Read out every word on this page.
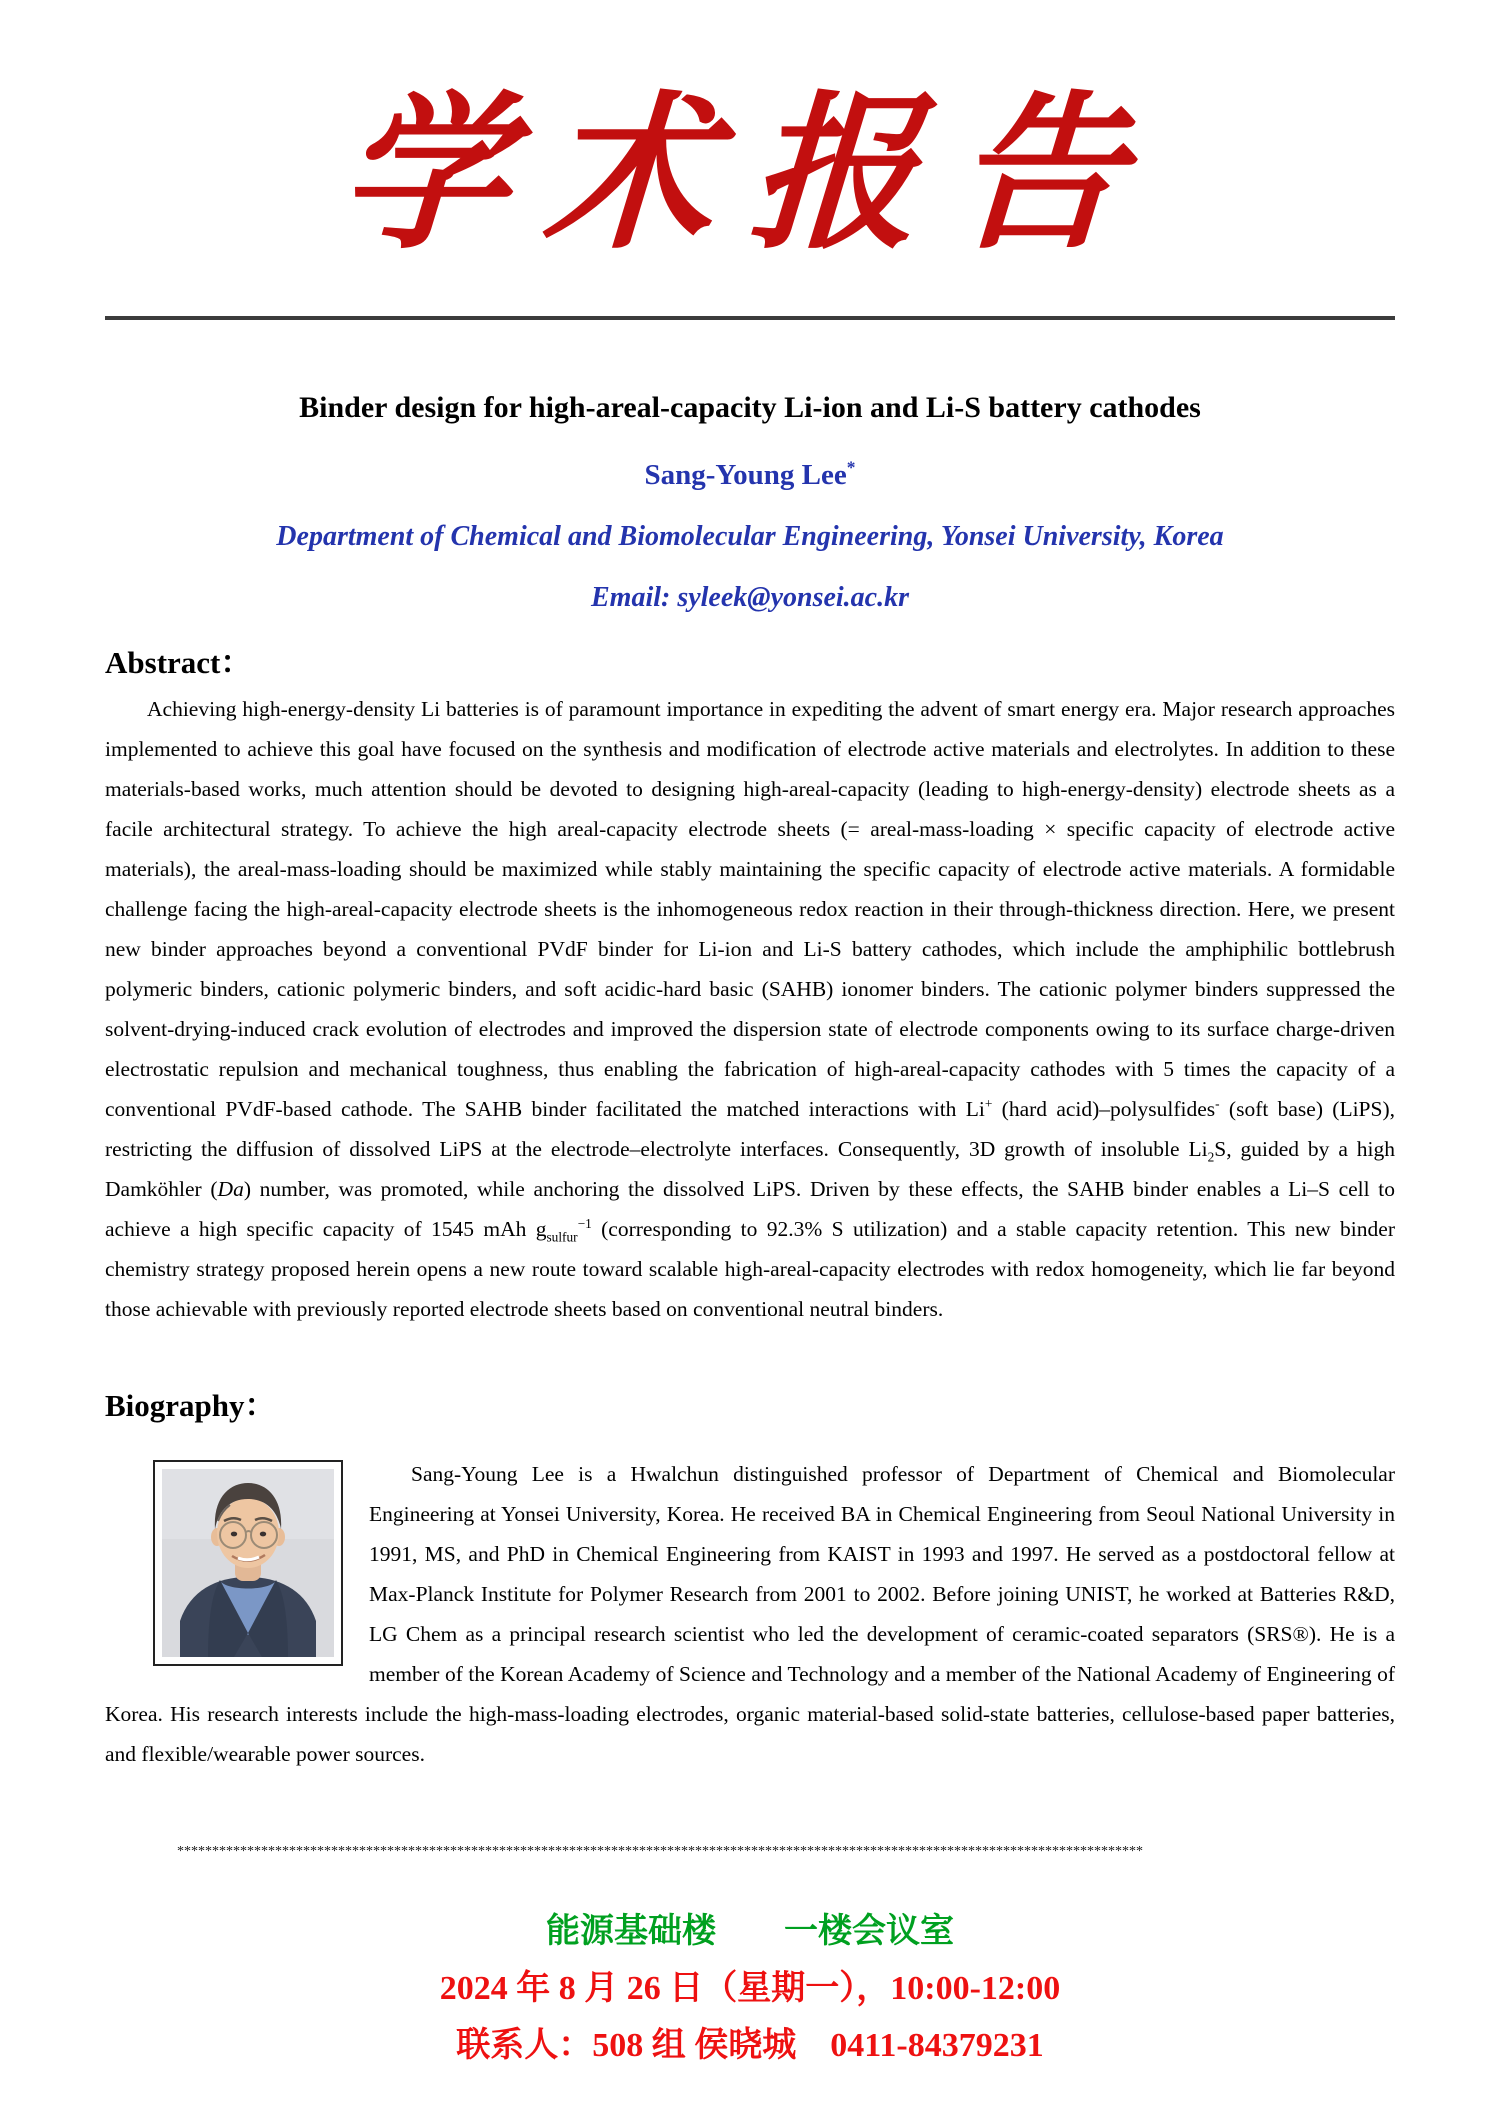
学术报告
Binder design for high-areal-capacity Li-ion and Li-S battery cathodes
Sang-Young Lee*
Department of Chemical and Biomolecular Engineering, Yonsei University, Korea
Email: syleek@yonsei.ac.kr
Abstract：
Achieving high-energy-density Li batteries is of paramount importance in expediting the advent of smart energy era. Major research approaches implemented to achieve this goal have focused on the synthesis and modification of electrode active materials and electrolytes. In addition to these materials-based works, much attention should be devoted to designing high-areal-capacity (leading to high-energy-density) electrode sheets as a facile architectural strategy. To achieve the high areal-capacity electrode sheets (= areal-mass-loading × specific capacity of electrode active materials), the areal-mass-loading should be maximized while stably maintaining the specific capacity of electrode active materials. A formidable challenge facing the high-areal-capacity electrode sheets is the inhomogeneous redox reaction in their through-thickness direction. Here, we present new binder approaches beyond a conventional PVdF binder for Li-ion and Li-S battery cathodes, which include the amphiphilic bottlebrush polymeric binders, cationic polymeric binders, and soft acidic-hard basic (SAHB) ionomer binders. The cationic polymer binders suppressed the solvent-drying-induced crack evolution of electrodes and improved the dispersion state of electrode components owing to its surface charge-driven electrostatic repulsion and mechanical toughness, thus enabling the fabrication of high-areal-capacity cathodes with 5 times the capacity of a conventional PVdF-based cathode. The SAHB binder facilitated the matched interactions with Li+ (hard acid)–polysulfides- (soft base) (LiPS), restricting the diffusion of dissolved LiPS at the electrode–electrolyte interfaces. Consequently, 3D growth of insoluble $Li_2S$, guided by a high Damköhler (Da) number, was promoted, while anchoring the dissolved LiPS. Driven by these effects, the SAHB binder enables a Li–S cell to achieve a high specific capacity of 1545 mAh $g_{sulfur}^{-1}$ (corresponding to 92.3% S utilization) and a stable capacity retention. This new binder chemistry strategy proposed herein opens a new route toward scalable high-areal-capacity electrodes with redox homogeneity, which lie far beyond those achievable with previously reported electrode sheets based on conventional neutral binders.
Biography：
Sang-Young Lee is a Hwalchun distinguished professor of Department of Chemical and Biomolecular Engineering at Yonsei University, Korea. He received BA in Chemical Engineering from Seoul National University in 1991, MS, and PhD in Chemical Engineering from KAIST in 1993 and 1997. He served as a postdoctoral fellow at Max-Planck Institute for Polymer Research from 2001 to 2002. Before joining UNIST, he worked at Batteries R&D, LG Chem as a principal research scientist who led the development of ceramic-coated separators (SRS®). He is a member of the Korean Academy of Science and Technology and a member of the National Academy of Engineering of Korea. His research interests include the high-mass-loading electrodes, organic material-based solid-state batteries, cellulose-based paper batteries, and flexible/wearable power sources.
******************************************************************************************************************************************
能源基础楼　　一楼会议室
2024 年 8 月 26 日（星期一），10:00-12:00
联系人：508 组 侯晓城　0411-84379231
